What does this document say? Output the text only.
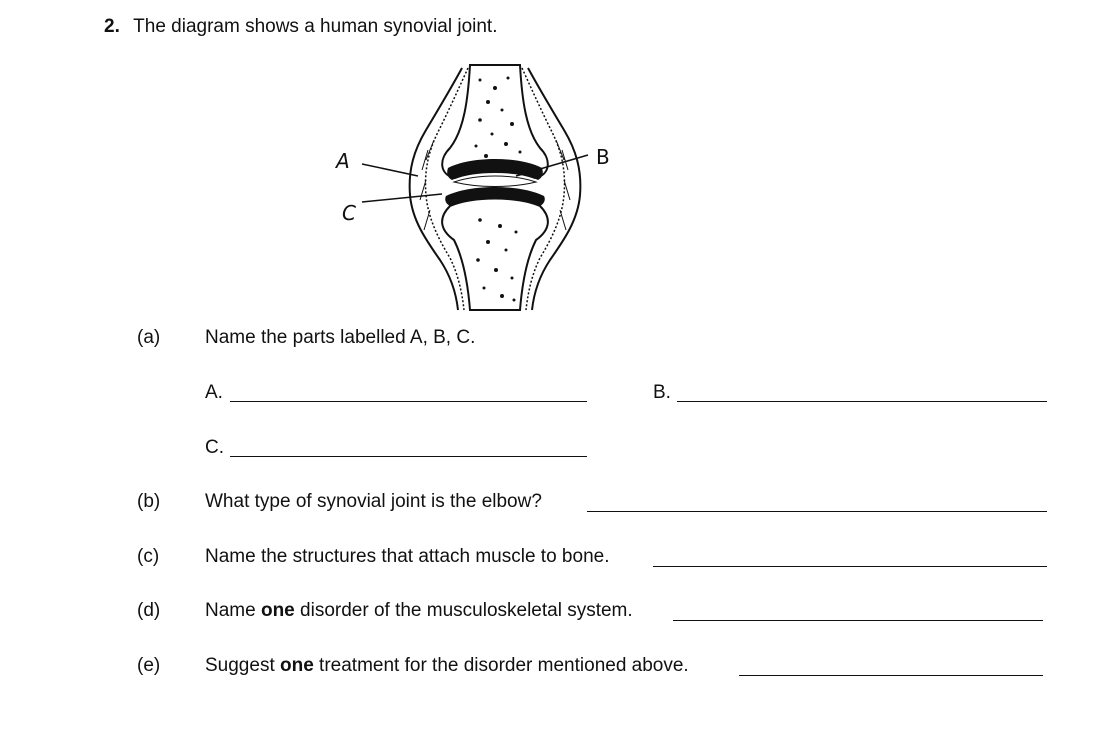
2. The diagram shows a human synovial joint.
A	B
C
(a) Name the parts labelled A, B, C.
A.	B.
C.
(b) What type of synovial joint is the elbow?
(c) Name the structures that attach muscle to bone.
(d) Name one disorder of the musculoskeletal system.
(e) Suggest one treatment for the disorder mentioned above.
